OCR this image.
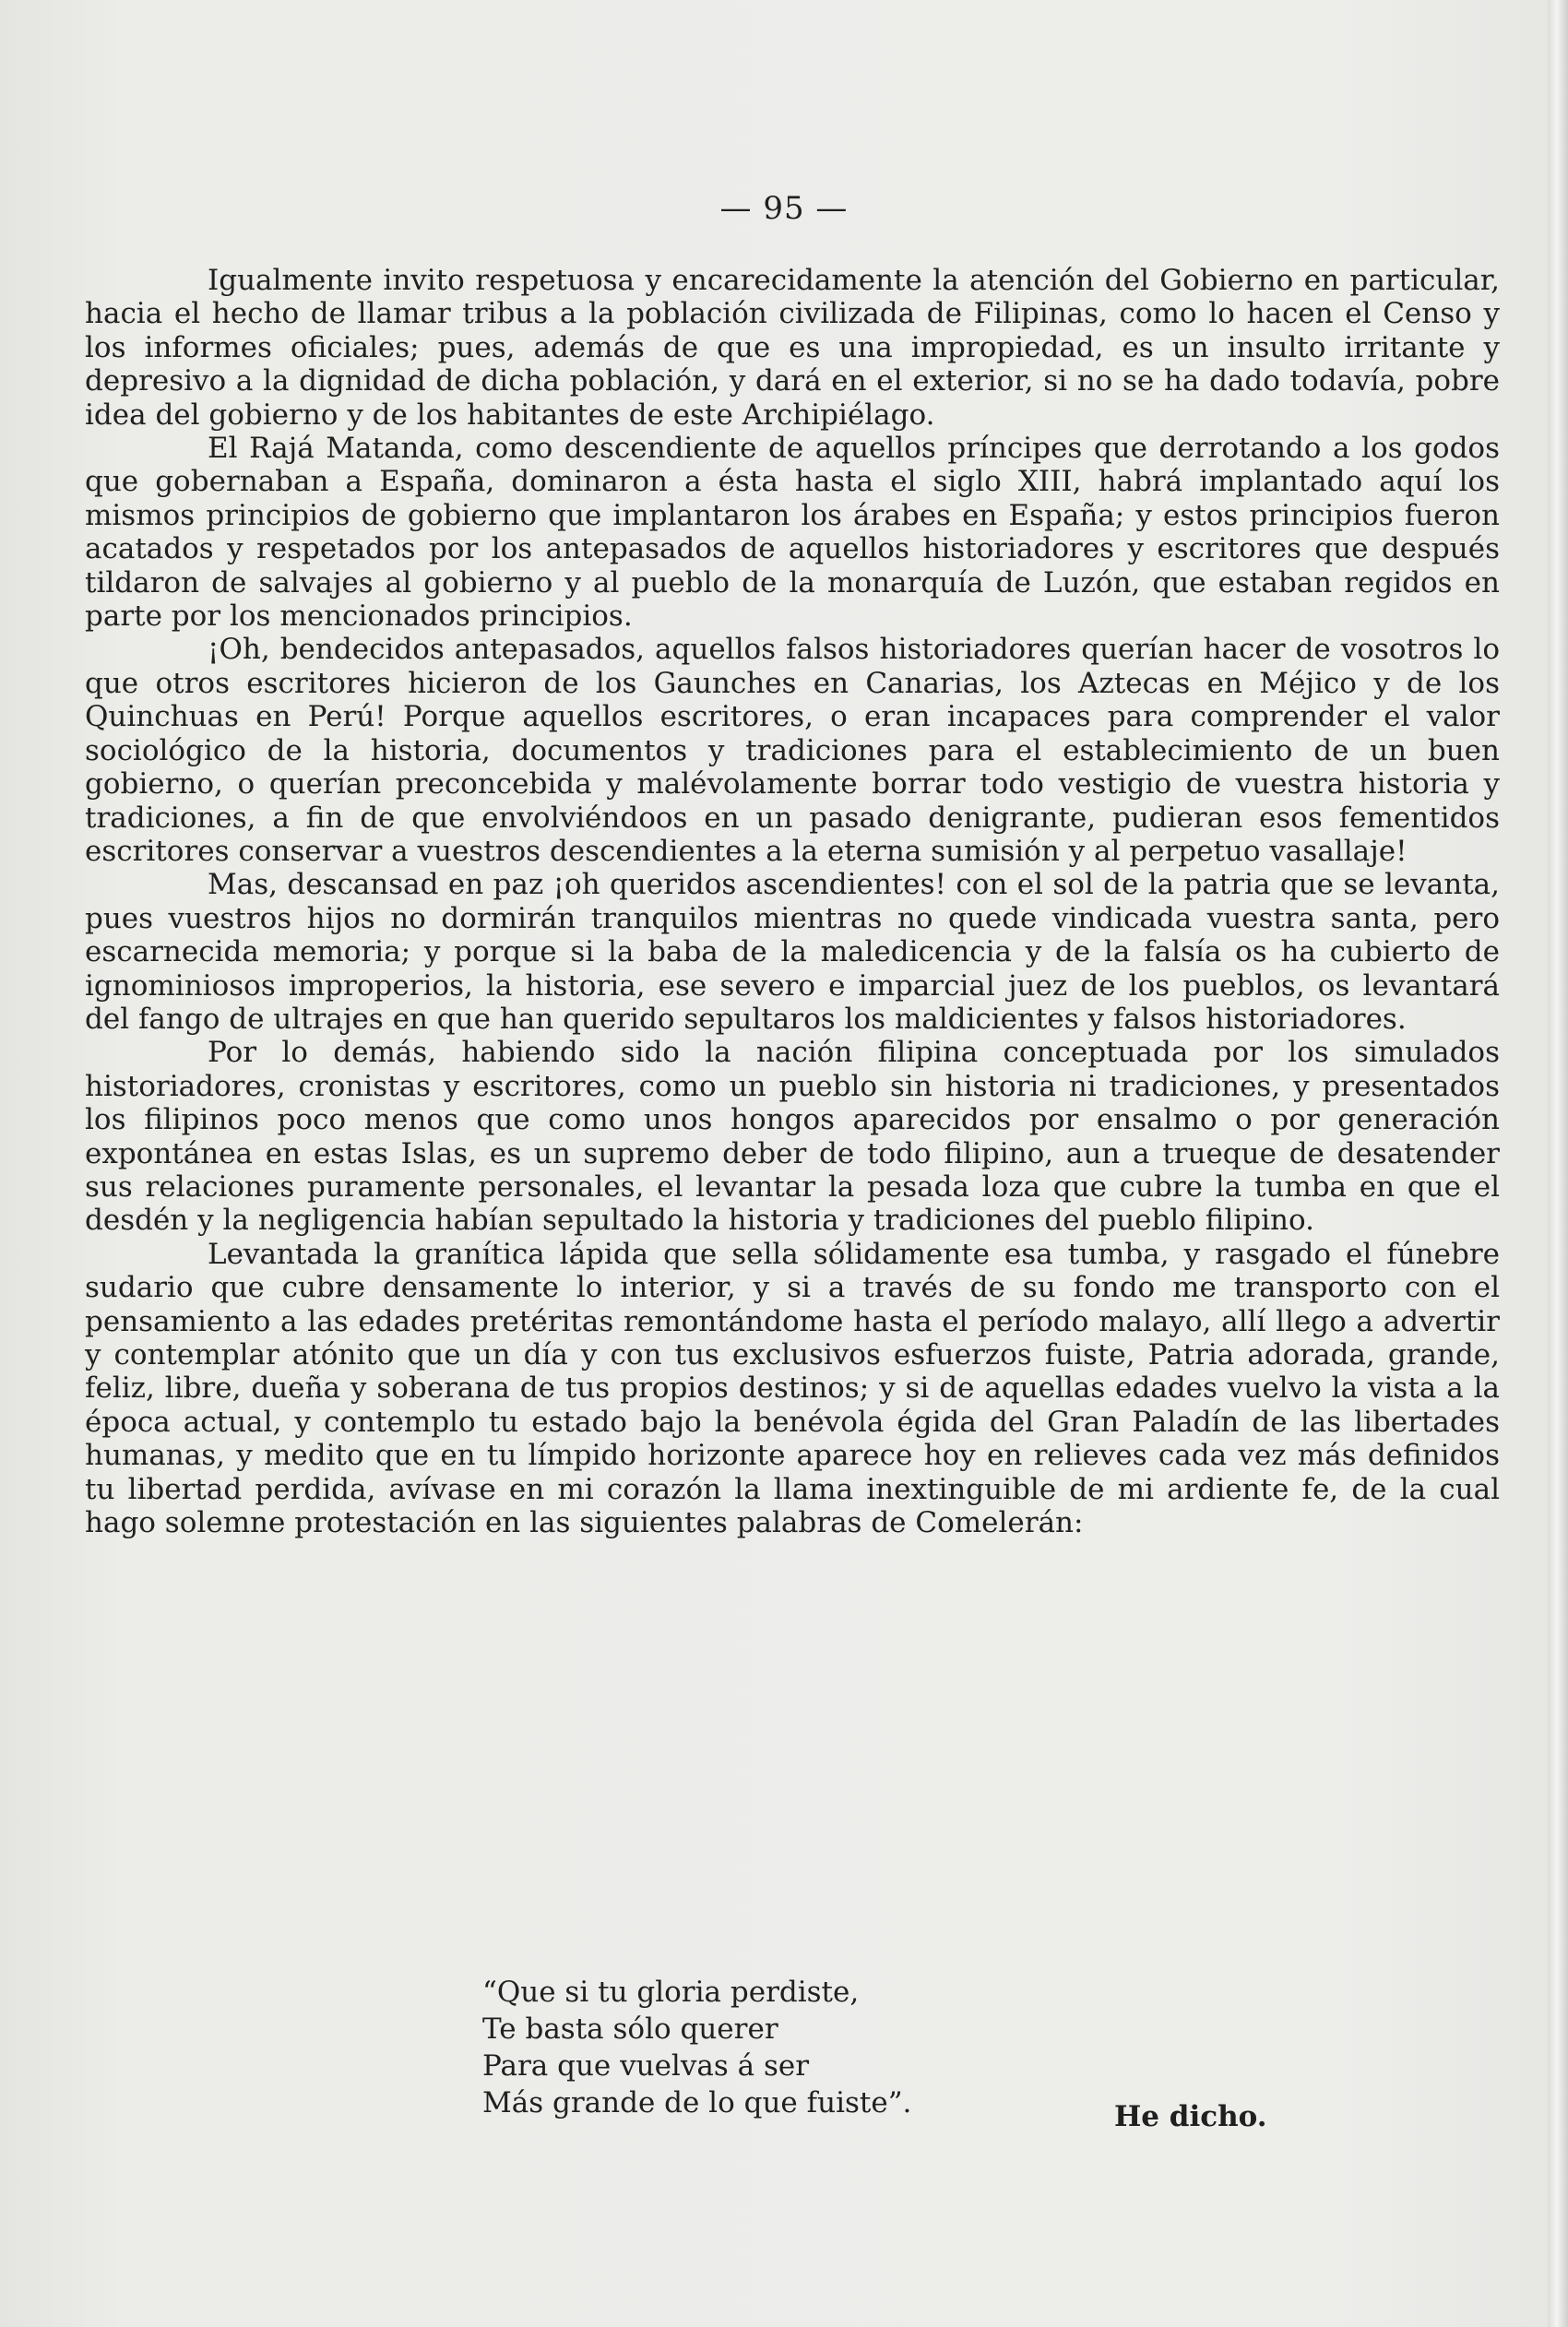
— 95 —

Igualmente invito respetuosa y encarecidamente la atención del Gobierno en particular, hacia el hecho de llamar tribus a la población civilizada de Filipinas, como lo hacen el Censo y los informes oficiales; pues, además de que es una impropiedad, es un insulto irritante y depresivo a la dignidad de dicha población, y dará en el exterior, si no se ha dado todavía, pobre idea del gobierno y de los habitantes de este Archipiélago.

El Rajá Matanda, como descendiente de aquellos príncipes que derrotando a los godos que gobernaban a España, dominaron a ésta hasta el siglo XIII, habrá implantado aquí los mismos principios de gobierno que implantaron los árabes en España; y estos principios fueron acatados y respetados por los antepasados de aquellos historiadores y escritores que después tildaron de salvajes al gobierno y al pueblo de la monarquía de Luzón, que estaban regidos en parte por los mencionados principios.

¡Oh, bendecidos antepasados, aquellos falsos historiadores querían hacer de vosotros lo que otros escritores hicieron de los Gaunches en Canarias, los Aztecas en Méjico y de los Quinchuas en Perú! Porque aquellos escritores, o eran incapaces para comprender el valor sociológico de la historia, documentos y tradiciones para el establecimiento de un buen gobierno, o querían preconcebida y malévolamente borrar todo vestigio de vuestra historia y tradiciones, a fin de que envolviéndoos en un pasado denigrante, pudieran esos fementidos escritores conservar a vuestros descendientes a la eterna sumisión y al perpetuo vasallaje!

Mas, descansad en paz ¡oh queridos ascendientes! con el sol de la patria que se levanta, pues vuestros hijos no dormirán tranquilos mientras no quede vindicada vuestra santa, pero escarnecida memoria; y porque si la baba de la maledicencia y de la falsía os ha cubierto de ignominiosos improperios, la historia, ese severo e imparcial juez de los pueblos, os levantará del fango de ultrajes en que han querido sepultaros los maldicientes y falsos historiadores.

Por lo demás, habiendo sido la nación filipina conceptuada por los simulados historiadores, cronistas y escritores, como un pueblo sin historia ni tradiciones, y presentados los filipinos poco menos que como unos hongos aparecidos por ensalmo o por generación expontánea en estas Islas, es un supremo deber de todo filipino, aun a trueque de desatender sus relaciones puramente personales, el levantar la pesada loza que cubre la tumba en que el desdén y la negligencia habían sepultado la historia y tradiciones del pueblo filipino.

Levantada la granítica lápida que sella sólidamente esa tumba, y rasgado el fúnebre sudario que cubre densamente lo interior, y si a través de su fondo me transporto con el pensamiento a las edades pretéritas remontándome hasta el período malayo, allí llego a advertir y contemplar atónito que un día y con tus exclusivos esfuerzos fuiste, Patria adorada, grande, feliz, libre, dueña y soberana de tus propios destinos; y si de aquellas edades vuelvo la vista a la época actual, y contemplo tu estado bajo la benévola égida del Gran Paladín de las libertades humanas, y medito que en tu límpido horizonte aparece hoy en relieves cada vez más definidos tu libertad perdida, avívase en mi corazón la llama inextinguible de mi ardiente fe, de la cual hago solemne protestación en las siguientes palabras de Comelerán:

“Que si tu gloria perdiste,
Te basta sólo querer
Para que vuelvas á ser
Más grande de lo que fuiste”.	He dicho.
